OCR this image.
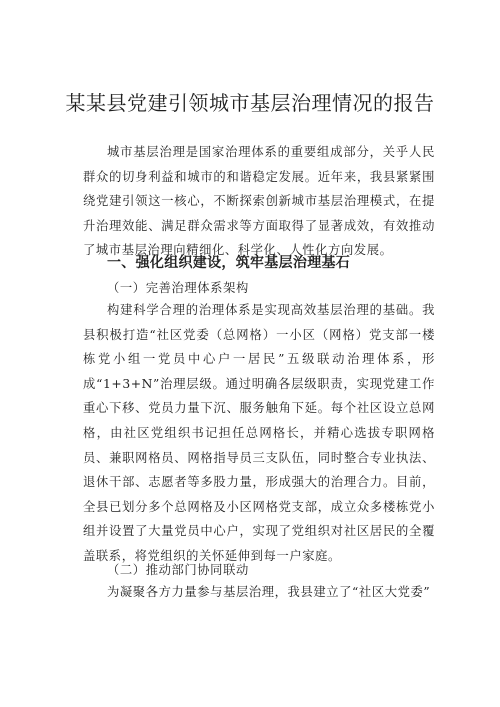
某某县党建引领城市基层治理情况的报告
城市基层治理是国家治理体系的重要组成部分，关乎人民群众的切身利益和城市的和谐稳定发展。近年来，我县紧紧围绕党建引领这一核心，不断探索创新城市基层治理模式，在提升治理效能、满足群众需求等方面取得了显著成效，有效推动了城市基层治理向精细化、科学化、人性化方向发展。
一、强化组织建设，筑牢基层治理基石
（一）完善治理体系架构
构建科学合理的治理体系是实现高效基层治理的基础。我县积极打造“社区党委（总网格）一小区（网格）党支部一楼栋党小组一党员中心户一居民”五级联动治理体系，形成“1+3+N”治理层级。通过明确各层级职责，实现党建工作重心下移、党员力量下沉、服务触角下延。每个社区设立总网格，由社区党组织书记担任总网格长，并精心选拔专职网格员、兼职网格员、网格指导员三支队伍，同时整合专业执法、退休干部、志愿者等多股力量，形成强大的治理合力。目前，全县已划分多个总网格及小区网格党支部，成立众多楼栋党小组并设置了大量党员中心户，实现了党组织对社区居民的全覆盖联系，将党组织的关怀延伸到每一户家庭。
（二）推动部门协同联动
为凝聚各方力量参与基层治理，我县建立了“社区大党委”
